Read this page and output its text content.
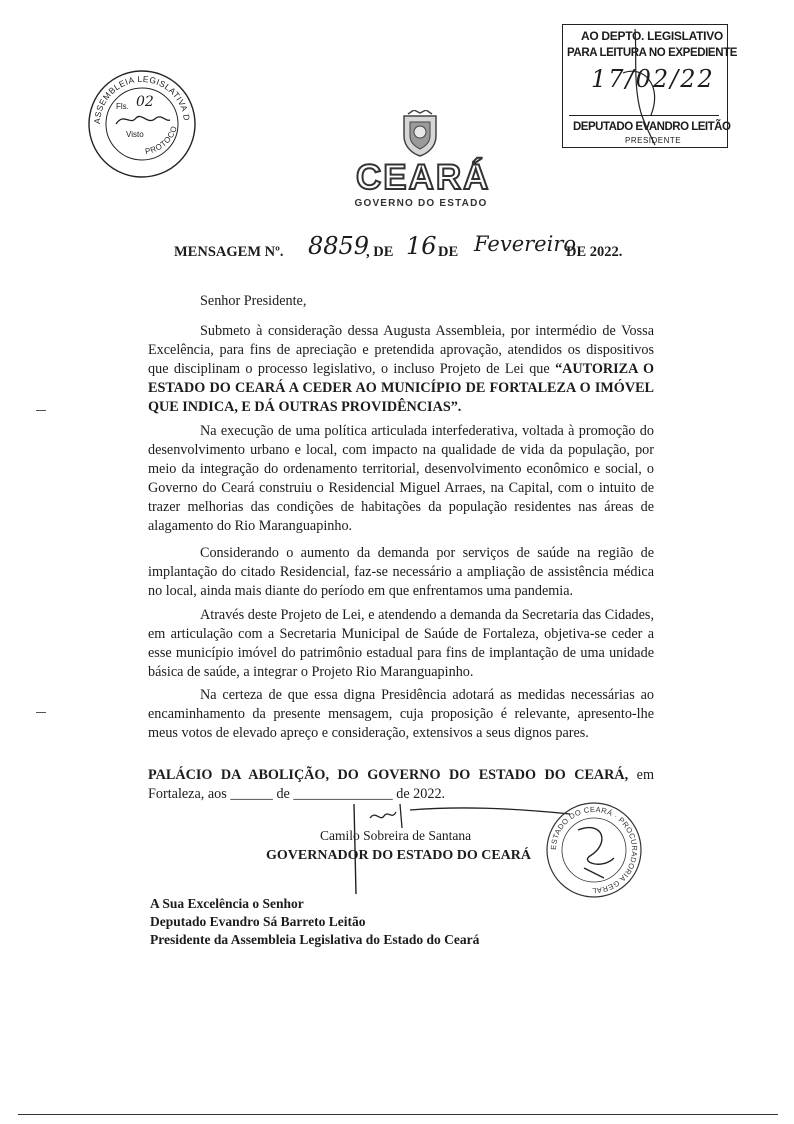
AO DEPTO. LEGISLATIVO
PARA LEITURA NO EXPEDIENTE
17/02/22
DEPUTADO EVANDRO LEITÃO
PRESIDENTE
ASSEMBLEIA LEGISLATIVA D
PROTOCO
Fls. 02
Visto
CEARÁ
GOVERNO DO ESTADO
MENSAGEM Nº. 8859
, DE 16 DE Fevereiro
DE 2022.
Senhor Presidente,
Submeto à consideração dessa Augusta Assembleia, por intermédio de Vossa Excelência, para fins de apreciação e pretendida aprovação, atendidos os dispositivos que disciplinam o processo legislativo, o incluso Projeto de Lei que “AUTORIZA O ESTADO DO CEARÁ A CEDER AO MUNICÍPIO DE FORTALEZA O IMÓVEL QUE INDICA, E DÁ OUTRAS PROVIDÊNCIAS”.
Na execução de uma política articulada interfederativa, voltada à promoção do desenvolvimento urbano e local, com impacto na qualidade de vida da população, por meio da integração do ordenamento territorial, desenvolvimento econômico e social, o Governo do Ceará construiu o Residencial Miguel Arraes, na Capital, com o intuito de trazer melhorias das condições de habitações da população residentes nas áreas de alagamento do Rio Maranguapinho.
Considerando o aumento da demanda por serviços de saúde na região de implantação do citado Residencial, faz-se necessário a ampliação de assistência médica no local, ainda mais diante do período em que enfrentamos uma pandemia.
Através deste Projeto de Lei, e atendendo a demanda da Secretaria das Cidades, em articulação com a Secretaria Municipal de Saúde de Fortaleza, objetiva-se ceder a esse município imóvel do patrimônio estadual para fins de implantação de uma unidade básica de saúde, a integrar o Projeto Rio Maranguapinho.
Na certeza de que essa digna Presidência adotará as medidas necessárias ao encaminhamento da presente mensagem, cuja proposição é relevante, apresento-lhe meus votos de elevado apreço e consideração, extensivos a seus dignos pares.
PALÁCIO DA ABOLIÇÃO, DO GOVERNO DO ESTADO DO CEARÁ, em Fortaleza, aos ______ de ______________ de 2022.
Camilo Sobreira de Santana
GOVERNADOR DO ESTADO DO CEARÁ
ESTADO DO CEARÁ · PROCURADORIA GERAL
A Sua Excelência o Senhor
Deputado Evandro Sá Barreto Leitão
Presidente da Assembleia Legislativa do Estado do Ceará
